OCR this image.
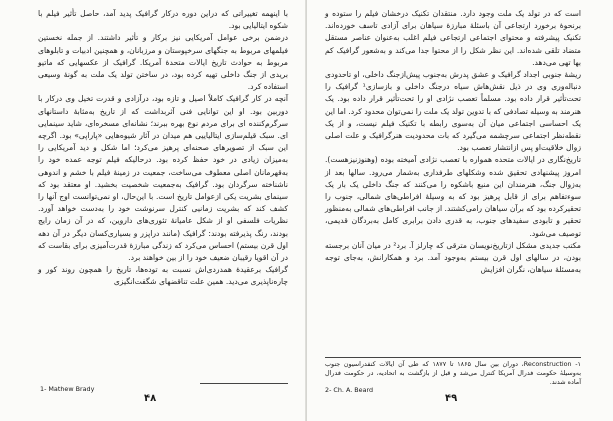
با اینهمه تغییراتی که دراین دوره درکار گرافیک پدید آمد، حاصل تأثیر فیلم با شکوه ایتالیایی بود.

درضمن برخی عوامل آمریکایی نیز برکار و تأثیر داشتند. از جمله نخستین فیلمهای مربوط به جنگهای سرخپوستان و مرزبانان، و همچنین ادبیات و تابلوهای مربوط به حوادث تاریخ ایالات متحدهٔ آمریکا. گرافیک از عکسهایی که ماتیو بریدی از جنگ داخلی تهیه کرده بود، در ساختن تولد یک ملت به گونهٔ وسیعی استفاده کرد.

آنچه در کار گرافیک کاملاً اصیل و تازه بود، درآزادی و قدرت تخیل وی درکار با دوربین بود. او این توانایی فنی آثربداشت که از تاریخ به‌مثابهٔ داستانهای سرگرم‌کننده ای برای مردم نوع بهره ببرند؛ نشانه‌ای مسخره‌ای، شاید سینمایی ای. سبک قیلم‌سازی ایتالیاییی هم میدان در آثار شیوه‌هایی «پاراپی» بود. اگرچه این سبک از تصویرهای صحنه‌ای پرهیز می‌کرد؛ اما شکل و دید آمریکایی را به‌میزان زیادی در خود حفظ کرده بود. درحالیکه فیلم توجه عمده خود را به‌قهرمانان اصلی معطوف می‌ساخت، جمعیت در زمینهٔ فیلم با خشم و اندوهی ناشناخته سرگردان بود. گرافیک به‌جمعیت شخصیت بخشید. او معتقد بود که سینمای بشریت یکی ازعوامل تاریخ است. با این‌حال، او نمی‌توانست اوج آنها را کشف کند که بشریت زمانیی کنترل سرنوشت خود را به‌دست خواهد آورد. نظریات فلسفی او از شکل عامیانهٔ تئوری‌های داروین، که در آن زمان رایج بودند، رنگ پذیرفته بودند: گرافیک (مانند دراپزر و بسیاری‌کسان دیگر در آن دهه اول قرن بیستم) احساس می‌کرد که زندگی مبارزهٔ قدرت‌آمیزی برای بقاست که در آن اقویا رقیبان ضعیف خود را از بین خواهند برد.

گرافیک برعقیدهٔ همدردی‌اش نسبت به توده‌ها، تاریخ را همچون روند کور و چاره‌ناپذیری می‌دید. همین علت تناقضهای شگفت‌انگیزی

1- Mathew Brady

۴۸

است که در تولد یک ملت وجود دارد. منتقدان تکنیک درخشان فیلم را ستوده و برنحوهٔ برخورد ارتجاعی آن باسئلهٔ مبارزهٔ سیاهان برای آزادی تاسف خورده‌اند. تکنیک پیشرفته و محتوای اجتماعی ارتجاعی فیلم اغلب به‌عنوان عناصر مستقل متضاد تلقی شده‌اند. این نظر شکل را از محتوا جدا می‌کند و به‌شعور گرافیک کم بها تهی می‌دهد.

ریشهٔ جنوبی اجداد گرافیک و عشق پدرش به‌جنوب پیش‌ازجنگ داخلی، او تاحدودی دنباله‌وری وی در ذیل نقش‌هاش سیاه درجنگ داخلی و بازسازی¹ گرافیک را تحت‌تأثیر قرار داده بود. مسلماً تعصب نژادی او را تحت‌تأثیر قرار داده بود. یک هنرمند به وسیله تصادفی که با تدوین تولد یک ملت را نمی‌توان محدود کرد. اما این یک احساسی اجتماعی میان آن به‌سوی رابطه با تکنیک فیلم نیست، و از یک نقطه‌نظر اجتماعی سرچشمه می‌گیرد که بات محدودیت هنرگرافیک و علت اصلی زوال خلاقیت‌او پس ازانتشار تعصب بود.

تاریخ‌نگاری در ایالات متحده همواره با تعصب نژادی آمیخته بوده (وهنوزنیزهست). امروز پیشنهادی تحقیق شده وشکلهای طرفداری به‌شمار می‌رود. سالها بعد از به‌زوال جنگ، هنرمندان این منبع باشکوه را می‌کنند که جنگ داخلی یک بار یک سوءتفاهم برای از قابل پرهیز بود که به وسیلهٔ افراطی‌های شمالی، جنوب را تحقیرکرده بود که برآن سیاهان رامی‌کشتند. از جانب افراطی‌های شمالی به‌منظور تحقیر و تابودی سفیدهای جنوب، به قدری دادن برابری کامل به‌بردگان قدیمی، توصیف می‌شود.

مکتب جدیدی مشکل ازتاریخ‌نویسان مترقی که چارلز آ. برد² در میان آنان برجسته بودن، در سالهای اول قرن بیستم به‌وجود آمد. برد و همکارانش، به‌جای توجه به‌مسئلهٔ سیاهان، نگران افزایش

۱- Reconstruction، دوران بین سال ۱۸۶۵ تا ۱۸۷۷ که طی آن ایالات کنفدراسیون جنوب به‌وسیلهٔ حکومت فدرال آمریکا کنترل می‌شد و قبل از بازگشت به اتحادیه، در حکومت فدرال آماده شدند.

2- Ch. A. Beard

۴۹
